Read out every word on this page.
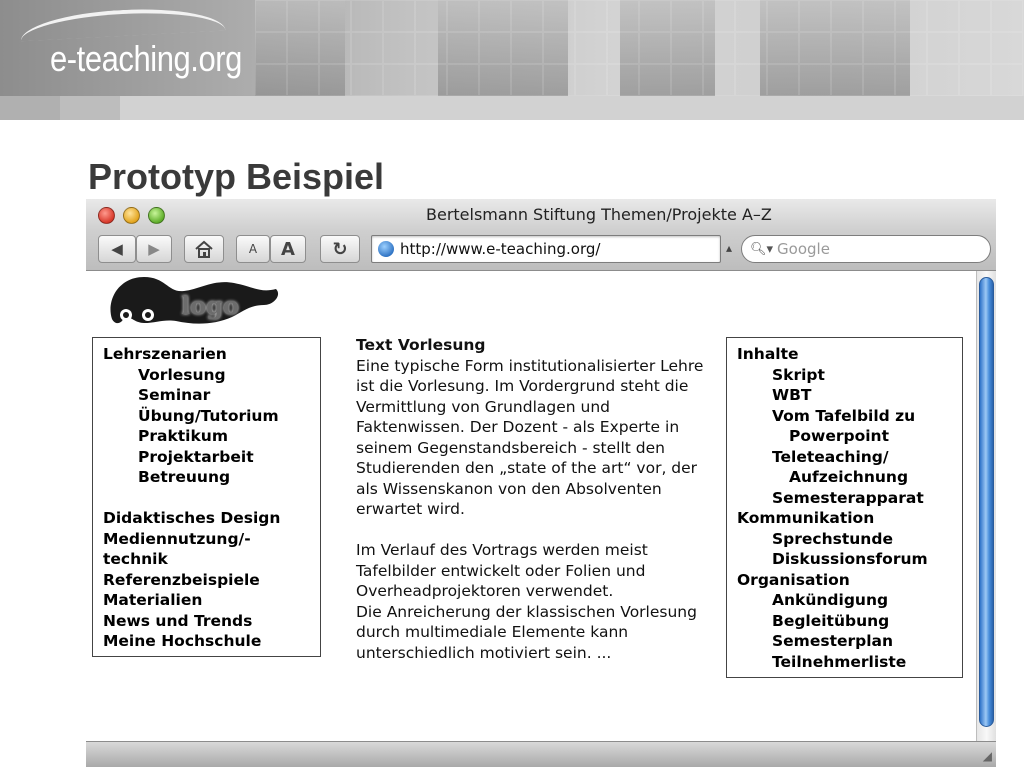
e-teaching.org
Prototyp Beispiel
Bertelsmann Stiftung Themen/Projekte A–Z
◀ ▶	A	A	↻	http://www.e-teaching.org/	▴ 🔍︎▾ Google
logo
Lehrszenarien
Vorlesung
Seminar
Übung/Tutorium
Praktikum
Projektarbeit
Betreuung
Didaktisches Design
Mediennutzung/-
technik
Referenzbeispiele
Materialien
News und Trends
Meine Hochschule
Text Vorlesung

Eine typische Form institutionalisierter Lehre ist die Vorlesung. Im Vordergrund steht die Vermittlung von Grundlagen und Faktenwissen. Der Dozent - als Experte in seinem Gegenstandsbereich - stellt den Studierenden den „state of the art“ vor, der als Wissenskanon von den Absolventen erwartet wird.

Im Verlauf des Vortrags werden meist Tafelbilder entwickelt oder Folien und Overheadprojektoren verwendet.

Die Anreicherung der klassischen Vorlesung durch multimediale Elemente kann unterschiedlich motiviert sein. ...

Inhalte
Skript
WBT
Vom Tafelbild zu
Powerpoint
Teleteaching/
Aufzeichnung
Semesterapparat
Kommunikation
Sprechstunde
Diskussionsforum
Organisation
Ankündigung
Begleitübung
Semesterplan
Teilnehmerliste
◢
